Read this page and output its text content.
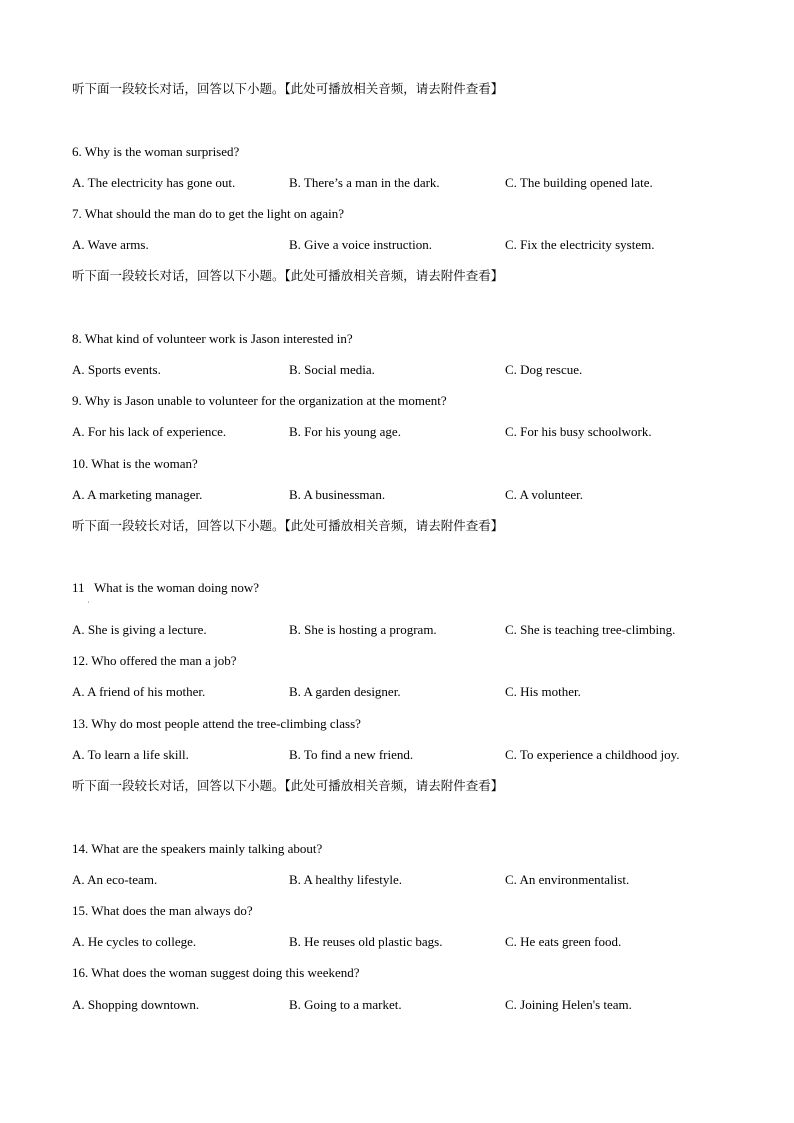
听下面一段较长对话，回答以下小题。【此处可播放相关音频，请去附件查看】
6. Why is the woman surprised?
A. The electricity has gone out.	B. There’s a man in the dark.	C. The building opened late.
7. What should the man do to get the light on again?
A. Wave arms.	B. Give a voice instruction.	C. Fix the electricity system.
听下面一段较长对话，回答以下小题。【此处可播放相关音频，请去附件查看】
8. What kind of volunteer work is Jason interested in?
A. Sports events.	B. Social media.	C. Dog rescue.
9. Why is Jason unable to volunteer for the organization at the moment?
A. For his lack of experience.	B. For his young age.	C. For his busy schoolwork.
10. What is the woman?
A. A marketing manager.	B. A businessman.	C. A volunteer.
听下面一段较长对话，回答以下小题。【此处可播放相关音频，请去附件查看】
11   What is the woman doing now?
˙
A. She is giving a lecture.	B. She is hosting a program.	C. She is teaching tree-climbing.
12. Who offered the man a job?
A. A friend of his mother.	B. A garden designer.	C. His mother.
13. Why do most people attend the tree-climbing class?
A. To learn a life skill.	B. To find a new friend.	C. To experience a childhood joy.
听下面一段较长对话，回答以下小题。【此处可播放相关音频，请去附件查看】
14. What are the speakers mainly talking about?
A. An eco-team.	B. A healthy lifestyle.	C. An environmentalist.
15. What does the man always do?
A. He cycles to college.	B. He reuses old plastic bags.	C. He eats green food.
16. What does the woman suggest doing this weekend?
A. Shopping downtown.	B. Going to a market.	C. Joining Helen's team.
